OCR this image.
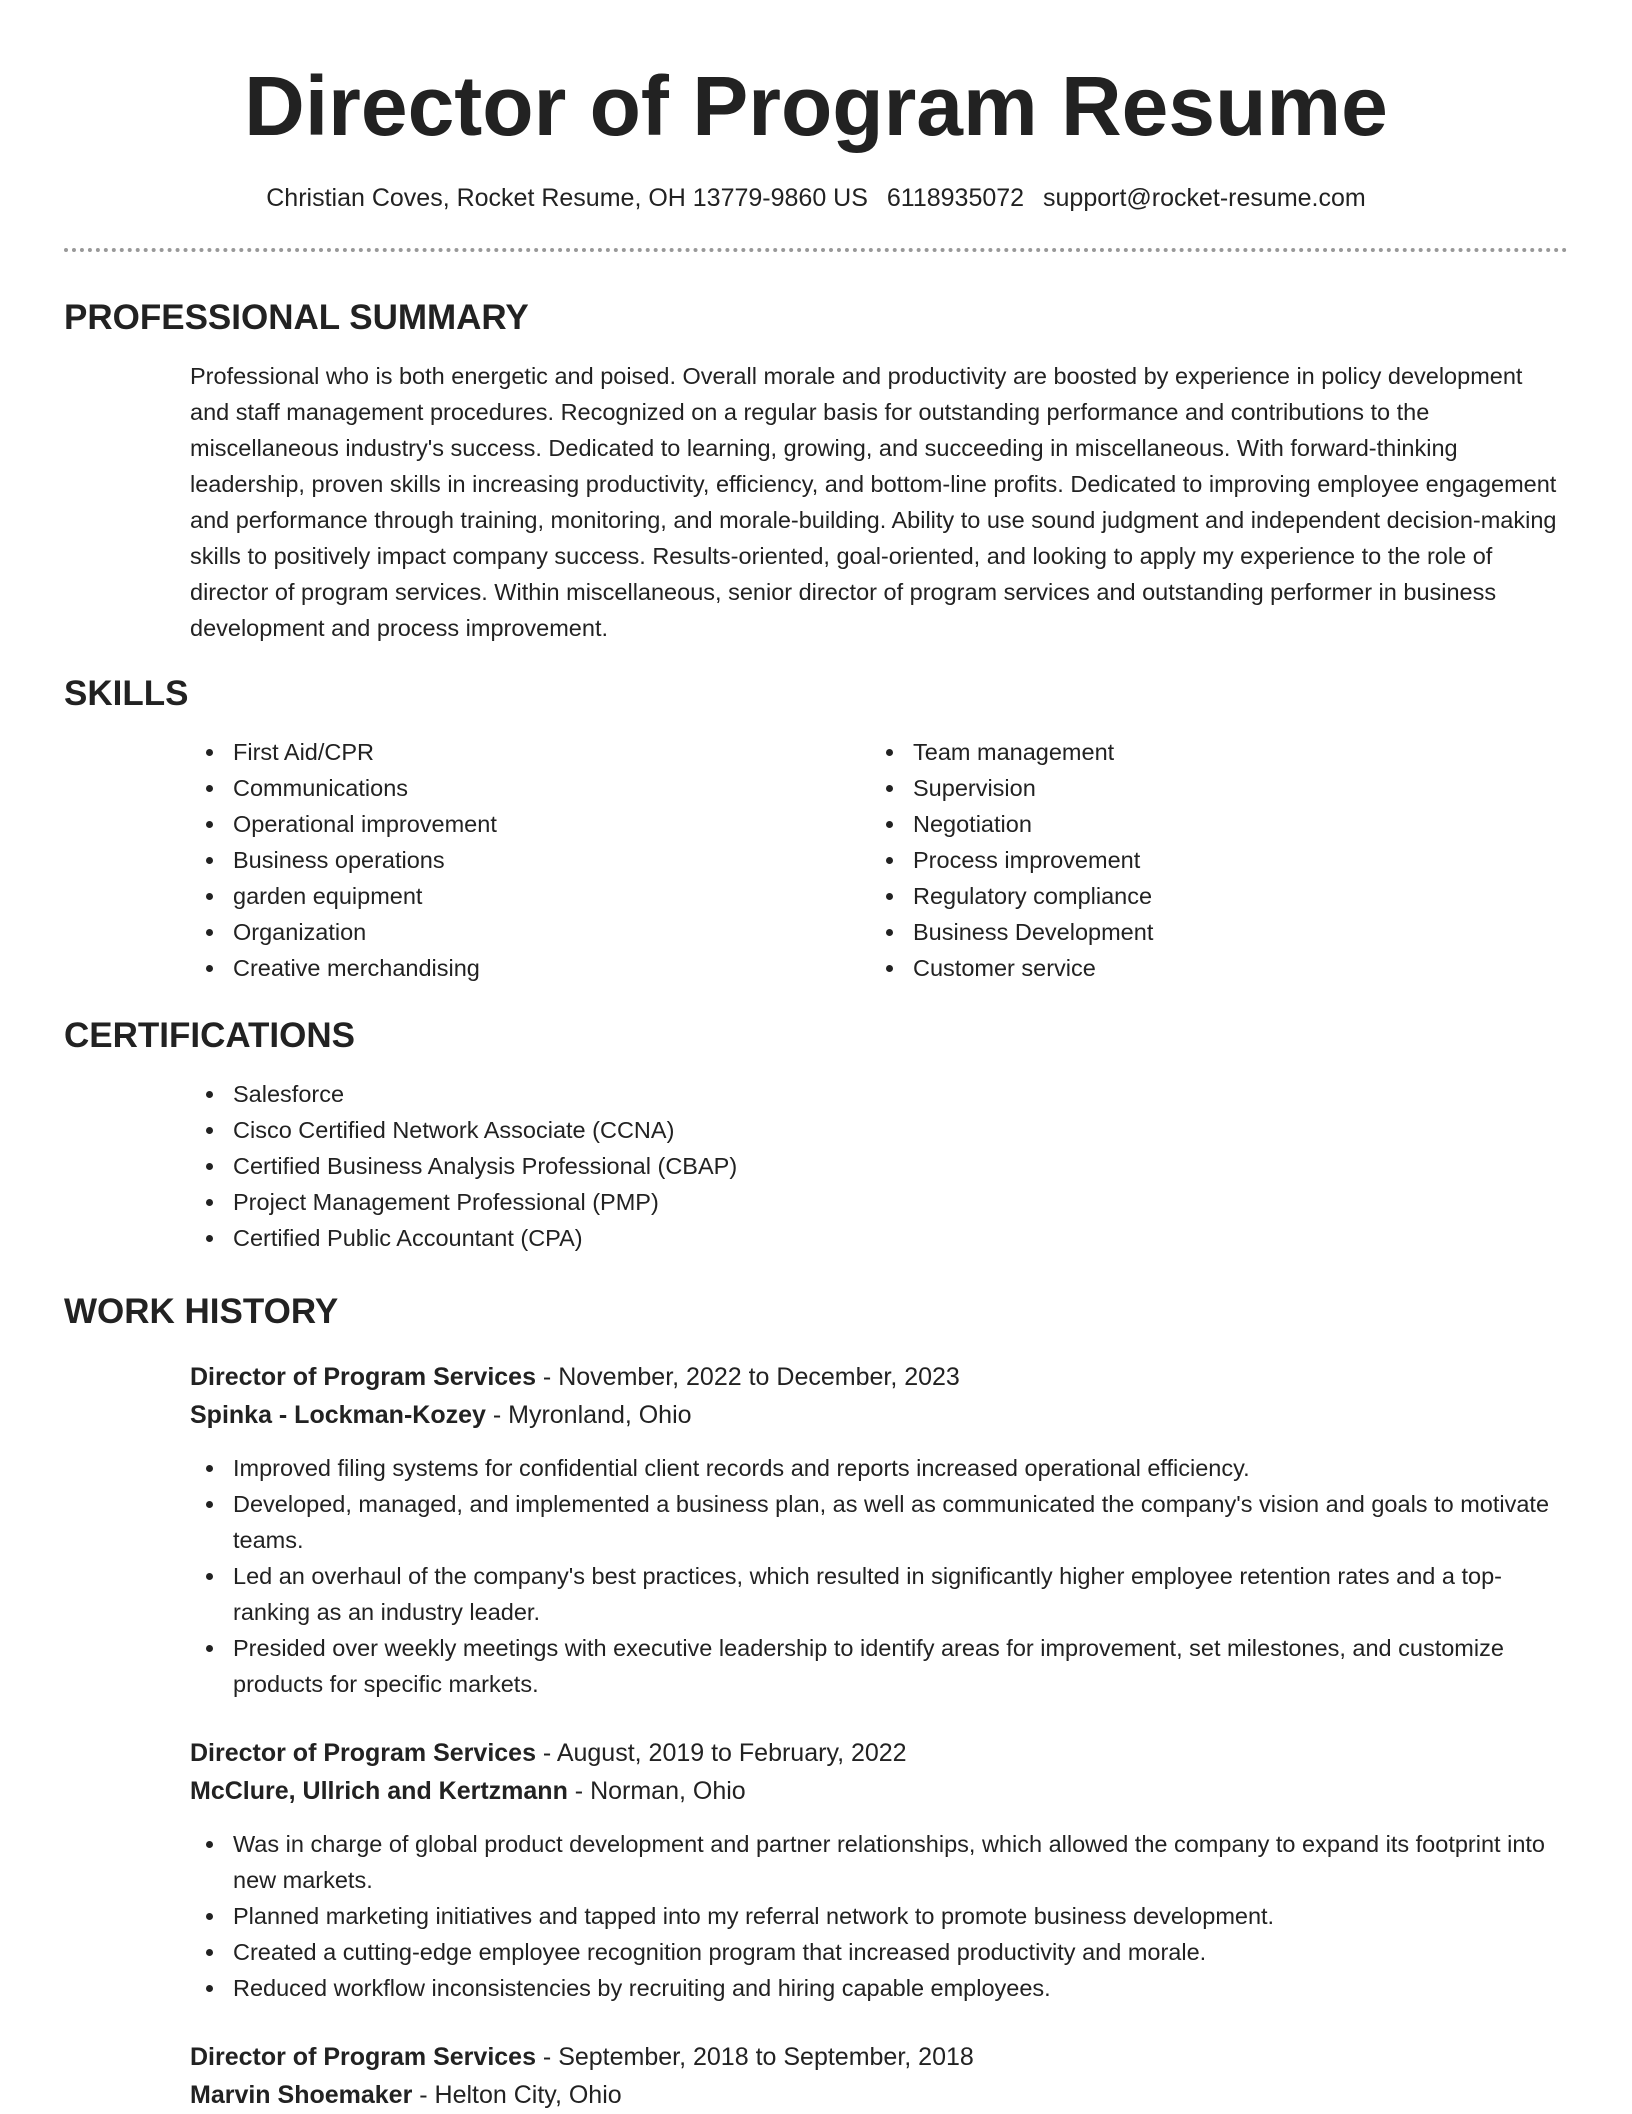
Director of Program Resume
Christian Coves, Rocket Resume, OH 13779-9860 US 6118935072 support@rocket-resume.com
PROFESSIONAL SUMMARY

Professional who is both energetic and poised. Overall morale and productivity are boosted by experience in policy development and staff management procedures. Recognized on a regular basis for outstanding performance and contributions to the miscellaneous industry's success. Dedicated to learning, growing, and succeeding in miscellaneous. With forward-thinking leadership, proven skills in increasing productivity, efficiency, and bottom-line profits. Dedicated to improving employee engagement and performance through training, monitoring, and morale-building. Ability to use sound judgment and independent decision-making skills to positively impact company success. Results-oriented, goal-oriented, and looking to apply my experience to the role of director of program services. Within miscellaneous, senior director of program services and outstanding performer in business development and process improvement.

SKILLS
First Aid/CPR
Communications
Operational improvement
Business operations
garden equipment
Organization
Creative merchandising
Team management
Supervision
Negotiation
Process improvement
Regulatory compliance
Business Development
Customer service
CERTIFICATIONS
Salesforce
Cisco Certified Network Associate (CCNA)
Certified Business Analysis Professional (CBAP)
Project Management Professional (PMP)
Certified Public Accountant (CPA)
WORK HISTORY
Director of Program Services - November, 2022 to December, 2023
Spinka - Lockman-Kozey - Myronland, Ohio
Improved filing systems for confidential client records and reports increased operational efficiency.
Developed, managed, and implemented a business plan, as well as communicated the company's vision and goals to motivate teams.
Led an overhaul of the company's best practices, which resulted in significantly higher employee retention rates and a top-ranking as an industry leader.
Presided over weekly meetings with executive leadership to identify areas for improvement, set milestones, and customize products for specific markets.
Director of Program Services - August, 2019 to February, 2022
McClure, Ullrich and Kertzmann - Norman, Ohio
Was in charge of global product development and partner relationships, which allowed the company to expand its footprint into new markets.
Planned marketing initiatives and tapped into my referral network to promote business development.
Created a cutting-edge employee recognition program that increased productivity and morale.
Reduced workflow inconsistencies by recruiting and hiring capable employees.
Director of Program Services - September, 2018 to September, 2018
Marvin Shoemaker - Helton City, Ohio
